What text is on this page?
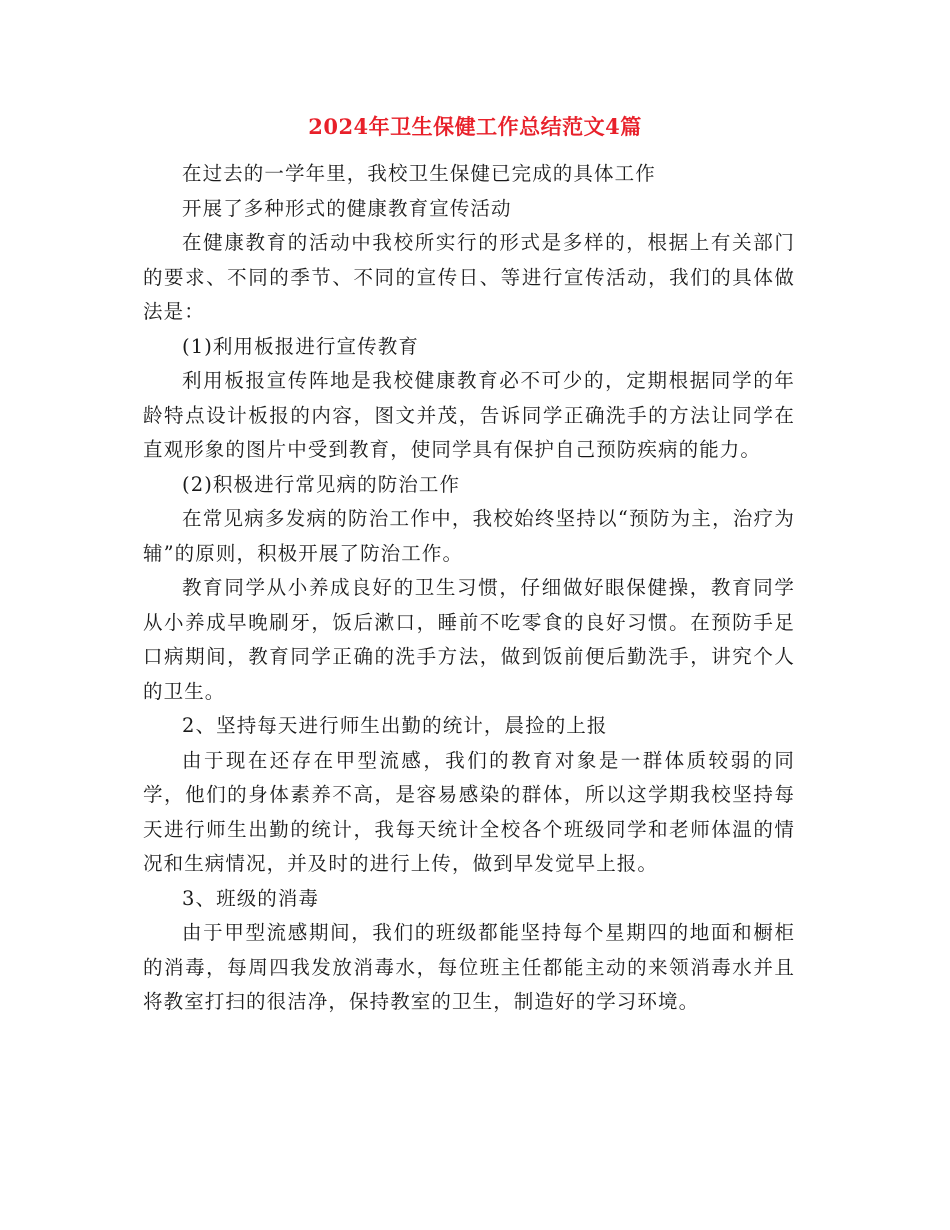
2024年卫生保健工作总结范文4篇

在过去的一学年里，我校卫生保健已完成的具体工作

开展了多种形式的健康教育宣传活动

在健康教育的活动中我校所实行的形式是多样的，根据上有关部门的要求、不同的季节、不同的宣传日、等进行宣传活动，我们的具体做法是：

(1)利用板报进行宣传教育

利用板报宣传阵地是我校健康教育必不可少的，定期根据同学的年龄特点设计板报的内容，图文并茂，告诉同学正确洗手的方法让同学在直观形象的图片中受到教育，使同学具有保护自己预防疾病的能力。

(2)积极进行常见病的防治工作

在常见病多发病的防治工作中，我校始终坚持以“预防为主，治疗为辅”的原则，积极开展了防治工作。

教育同学从小养成良好的卫生习惯，仔细做好眼保健操，教育同学从小养成早晚刷牙，饭后漱口，睡前不吃零食的良好习惯。在预防手足口病期间，教育同学正确的洗手方法，做到饭前便后勤洗手，讲究个人的卫生。

2、坚持每天进行师生出勤的统计，晨捡的上报

由于现在还存在甲型流感，我们的教育对象是一群体质较弱的同学，他们的身体素养不高，是容易感染的群体，所以这学期我校坚持每天进行师生出勤的统计，我每天统计全校各个班级同学和老师体温的情况和生病情况，并及时的进行上传，做到早发觉早上报。

3、班级的消毒

由于甲型流感期间，我们的班级都能坚持每个星期四的地面和橱柜的消毒，每周四我发放消毒水，每位班主任都能主动的来领消毒水并且将教室打扫的很洁净，保持教室的卫生，制造好的学习环境。
